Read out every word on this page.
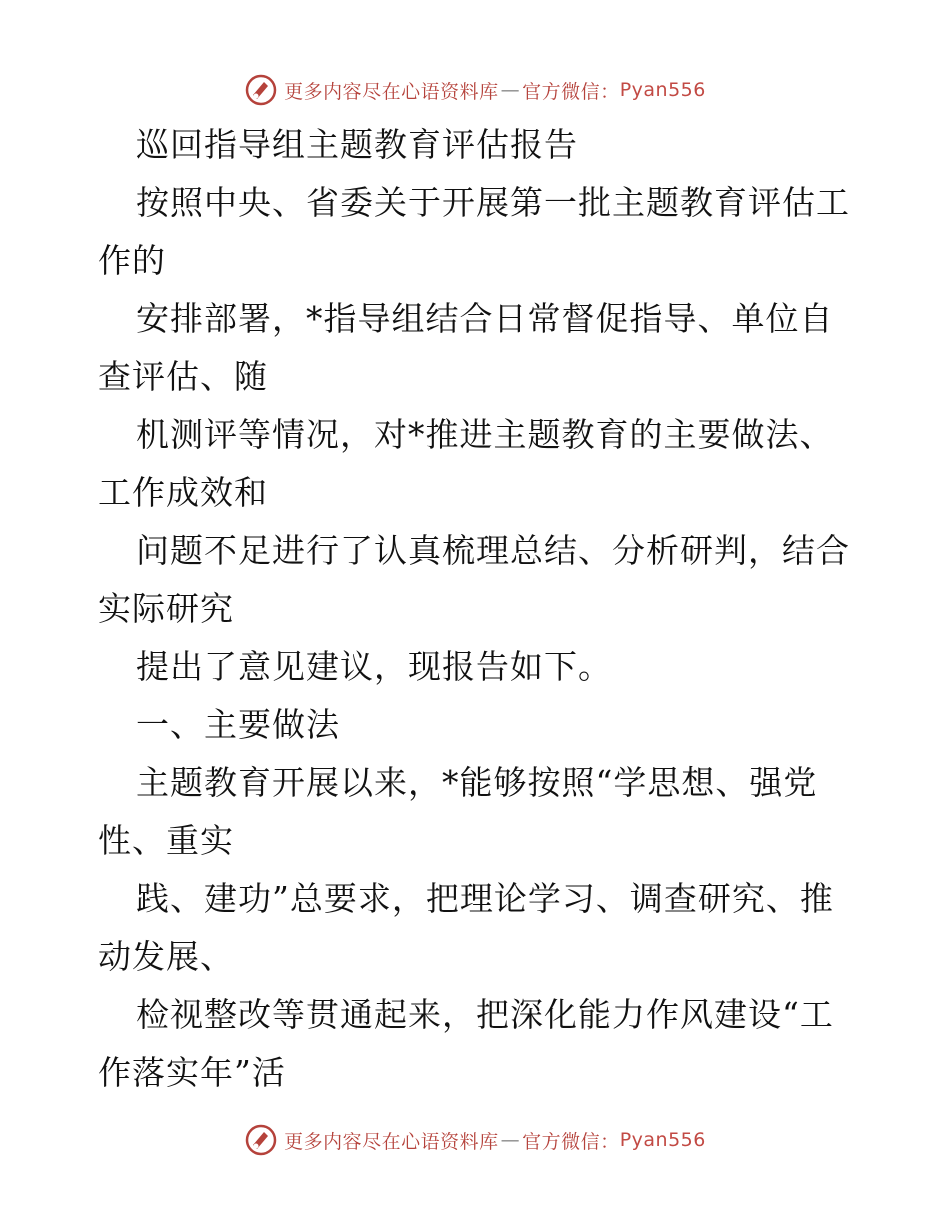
更多内容尽在心语资料库 — 官方微信： Pyan556

巡回指导组主题教育评估报告

按照中央、省委关于开展第一批主题教育评估工
作的

安排部署，*指导组结合日常督促指导、单位自
查评估、随

机测评等情况，对*推进主题教育的主要做法、
工作成效和

问题不足进行了认真梳理总结、分析研判，结合
实际研究

提出了意见建议，现报告如下。

一、主要做法

主题教育开展以来，*能够按照“学思想、强党
性、重实

践、建功”总要求，把理论学习、调查研究、推
动发展、

检视整改等贯通起来，把深化能力作风建设“工
作落实年”活

更多内容尽在心语资料库 — 官方微信： Pyan556
